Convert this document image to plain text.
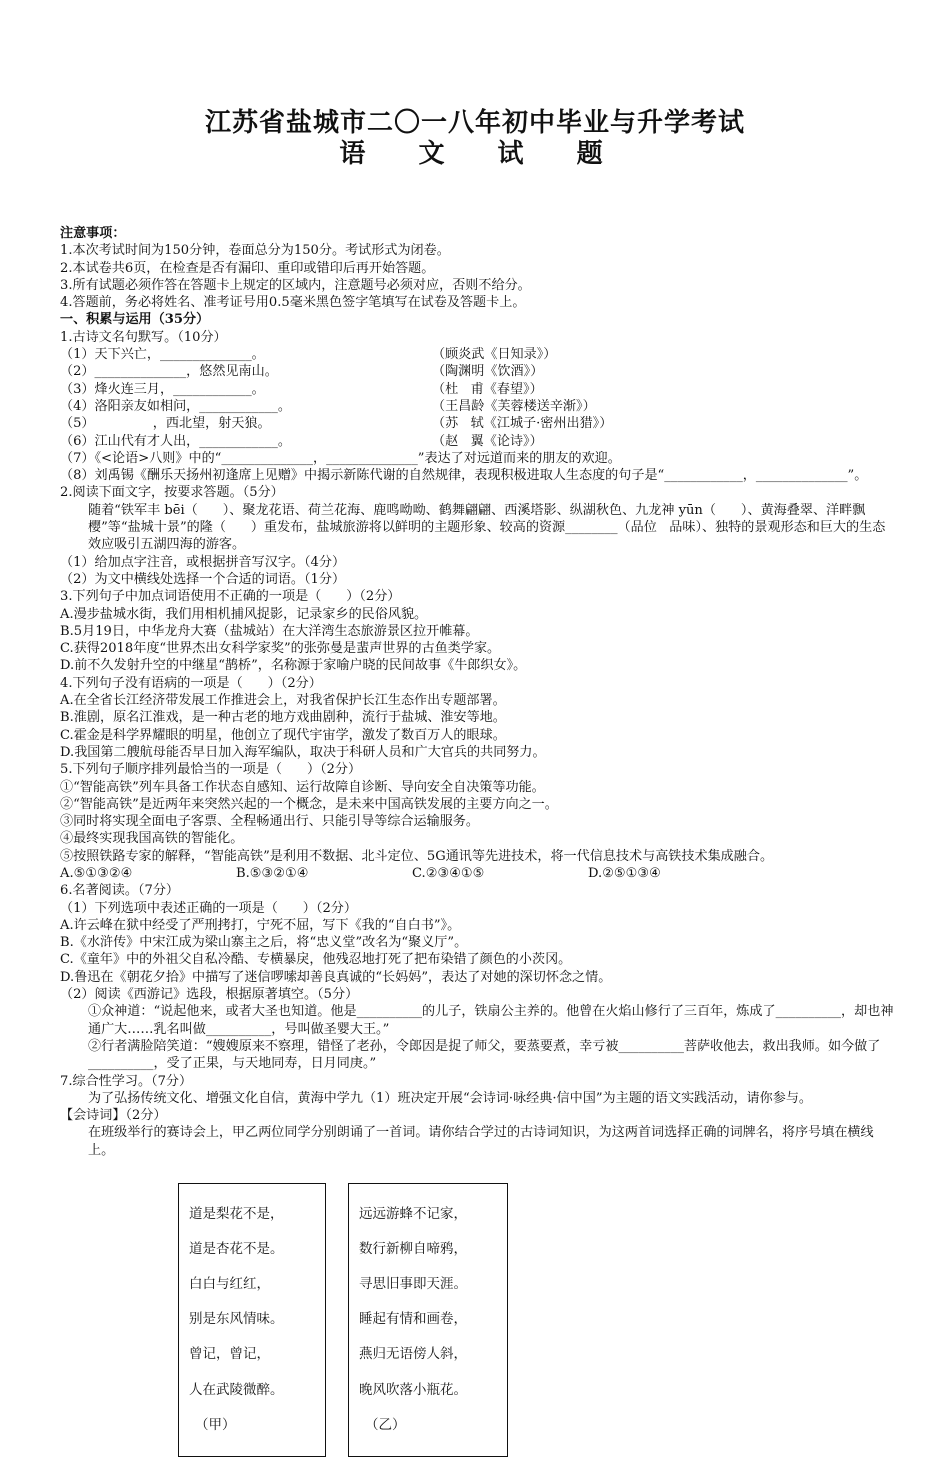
江苏省盐城市二〇一八年初中毕业与升学考试
语 文 试 题
注意事项：
1.本次考试时间为150分钟，卷面总分为150分。考试形式为闭卷。
2.本试卷共6页，在检查是否有漏印、重印或错印后再开始答题。
3.所有试题必须作答在答题卡上规定的区域内，注意题号必须对应，否则不给分。
4.答题前，务必将姓名、准考证号用0.5毫米黑色签字笔填写在试卷及答题卡上。
一、积累与运用（35分）
1.古诗文名句默写。（10分）
（1）天下兴亡，______________。	（顾炎武《日知录》）
（2）______________，悠然见南山。	（陶渊明《饮酒》）
（3）烽火连三月，____________。	（杜   甫《春望》）
（4）洛阳亲友如相问，____________。	（王昌龄《芙蓉楼送辛渐》）
（5）              ，西北望，射天狼。	（苏   轼《江城子·密州出猎》）
（6）江山代有才人出，____________。	（赵   翼《论诗》）
（7）《<论语>八则》中的“______________，______________”表达了对远道而来的朋友的欢迎。
（8）刘禹锡《酬乐天扬州初逢席上见赠》中揭示新陈代谢的自然规律，表现积极进取人生态度的句子是“____________，______________”。
2.阅读下面文字，按要求答题。（5分）
随着“铁军丰 bēi（      ）、聚龙花语、荷兰花海、鹿鸣呦呦、鹤舞翩翩、西溪塔影、纵湖秋色、九龙神 yūn（      ）、黄海叠翠、洋畔飘樱”等“盐城十景”的隆（      ）重发布，盐城旅游将以鲜明的主题形象、较高的资源________（品位   品味）、独特的景观形态和巨大的生态效应吸引五湖四海的游客。
（1）给加点字注音，或根据拼音写汉字。（4分）
（2）为文中横线处选择一个合适的词语。（1分）
3.下列句子中加点词语使用不正确的一项是（      ）（2分）
A.漫步盐城水街，我们用相机捕风捉影，记录家乡的民俗风貌。
B.5月19日，中华龙舟大赛（盐城站）在大洋湾生态旅游景区拉开帷幕。
C.获得2018年度“世界杰出女科学家奖”的张弥曼是蜚声世界的古鱼类学家。
D.前不久发射升空的中继星“鹊桥”，名称源于家喻户晓的民间故事《牛郎织女》。
4.下列句子没有语病的一项是（      ）（2分）
A.在全省长江经济带发展工作推进会上，对我省保护长江生态作出专题部署。
B.淮剧，原名江淮戏，是一种古老的地方戏曲剧种，流行于盐城、淮安等地。
C.霍金是科学界耀眼的明星，他创立了现代宇宙学，激发了数百万人的眼球。
D.我国第二艘航母能否早日加入海军编队，取决于科研人员和广大官兵的共同努力。
5.下列句子顺序排列最恰当的一项是（      ）（2分）
①“智能高铁”列车具备工作状态自感知、运行故障自诊断、导向安全自决策等功能。
②“智能高铁”是近两年来突然兴起的一个概念，是未来中国高铁发展的主要方向之一。
③同时将实现全面电子客票、全程畅通出行、只能引导等综合运输服务。
④最终实现我国高铁的智能化。
⑤按照铁路专家的解释，“智能高铁”是利用不数据、北斗定位、5G通讯等先进技术，将一代信息技术与高铁技术集成融合。
A.⑤①③②④	B.⑤③②①④	C.②③④①⑤	D.②⑤①③④
6.名著阅读。（7分）
（1）下列选项中表述正确的一项是（      ）（2分）
A.许云峰在狱中经受了严刑拷打，宁死不屈，写下《我的“自白书”》。
B.《水浒传》中宋江成为梁山寨主之后，将“忠义堂”改名为“聚义厅”。
C.《童年》中的外祖父自私冷酷、专横暴戾，他残忍地打死了把布染错了颜色的小茨冈。
D.鲁迅在《朝花夕拾》中描写了迷信啰嗦却善良真诚的“长妈妈”，表达了对她的深切怀念之情。
（2）阅读《西游记》选段，根据原著填空。（5分）
①众神道：“说起他来，或者大圣也知道。他是__________的儿子，铁扇公主养的。他曾在火焰山修行了三百年，炼成了__________，却也神通广大……乳名叫做__________，号叫做圣婴大王。”
②行者满脸陪笑道：“嫂嫂原来不察理，错怪了老孙，令郎因是捉了师父，要蒸要煮，幸亏被__________菩萨收他去，救出我师。如今做了__________，受了正果，与天地同寿，日月同庚。”
7.综合性学习。（7分）
为了弘扬传统文化、增强文化自信，黄海中学九（1）班决定开展“会诗词·咏经典·信中国”为主题的语文实践活动，请你参与。
【会诗词】（2分）
在班级举行的赛诗会上，甲乙两位同学分别朗诵了一首词。请你结合学过的古诗词知识，为这两首词选择正确的词牌名，将序号填在横线上。

道是梨花不是，

道是杏花不是。

白白与红红，

别是东风情味。

曾记，曾记，

人在武陵微醉。

（甲）

远远游蜂不记家，

数行新柳自啼鸦，

寻思旧事即天涯。

睡起有情和画卷，

燕归无语傍人斜，

晚风吹落小瓶花。

（乙）
